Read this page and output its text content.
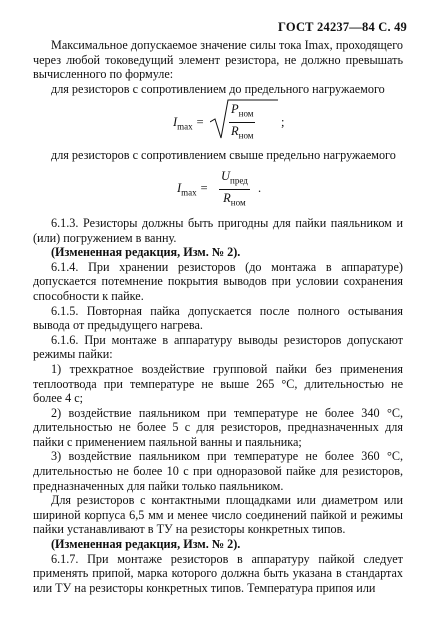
ГОСТ 24237—84 С. 49

Максимальное допускаемое значение силы тока Imax, проходящего через любой токоведущий элемент резистора, не должно превышать вычисленного по формуле:

для резисторов с сопротивлением до предельного нагружаемого

$I_{max}$ =
$P_{ном}$
$R_{ном}$
;

для резисторов с сопротивлением свыше предельно нагружаемого

$I_{max}$ =
$U_{пред}$
$R_{ном}$
.

6.1.3. Резисторы должны быть пригодны для пайки паяльником и (или) погружением в ванну.

(Измененная редакция, Изм. № 2).

6.1.4. При хранении резисторов (до монтажа в аппаратуре) допускается потемнение покрытия выводов при условии сохранения способности к пайке.

6.1.5. Повторная пайка допускается после полного остывания вывода от предыдущего нагрева.

6.1.6. При монтаже в аппаратуру выводы резисторов допускают режимы пайки:

1) трехкратное воздействие групповой пайки без применения теплоотвода при температуре не выше 265 °С, длительностью не более 4 с;

2) воздействие паяльником при температуре не более 340 °С, длительностью не более 5 с для резисторов, предназначенных для пайки с применением паяльной ванны и паяльника;

3) воздействие паяльником при температуре не более 360 °С, длительностью не более 10 с при одноразовой пайке для резисторов, предназначенных для пайки только паяльником.

Для резисторов с контактными площадками или диаметром или шириной корпуса 6,5 мм и менее число соединений пайкой и режимы пайки устанавливают в ТУ на резисторы конкретных типов.

(Измененная редакция, Изм. № 2).

6.1.7. При монтаже резисторов в аппаратуру пайкой следует применять припой, марка которого должна быть указана в стандартах или ТУ на резисторы конкретных типов. Температура припоя или
